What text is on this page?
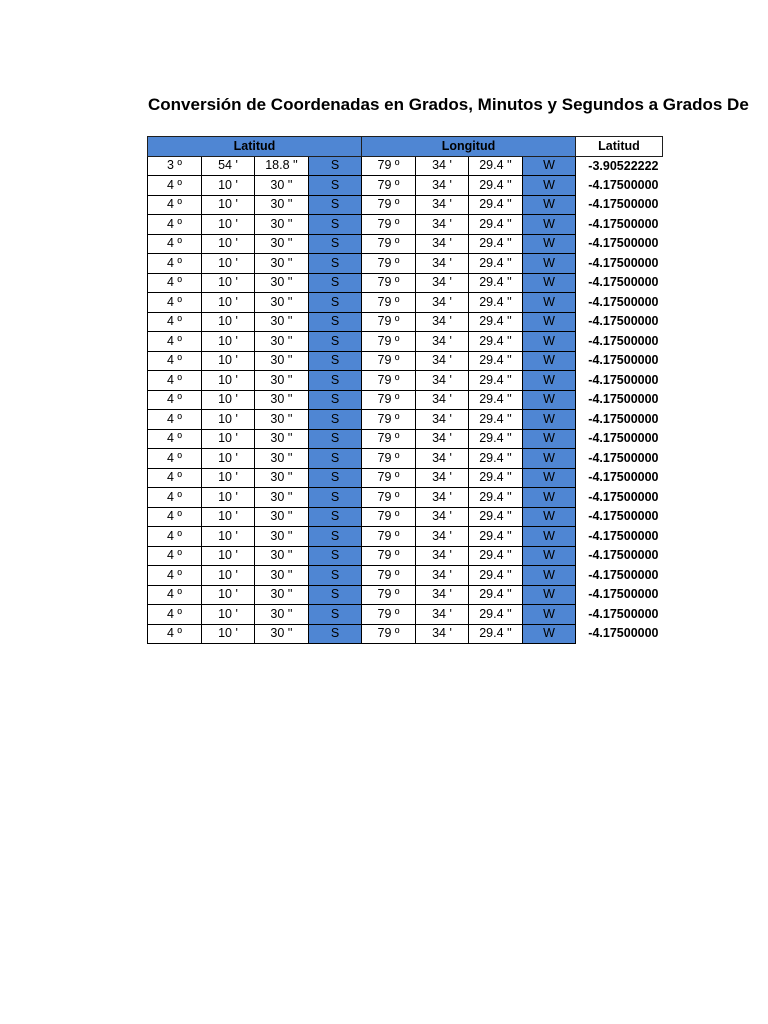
Conversión de Coordenadas en Grados, Minutos y Segundos a Grados De
Latitud				Longitud				Latitud
3 º	54 '	18.8 ''	S	79 º	34 '	29.4 ''	W	-3.90522222
4 º	10 '	30 ''	S	79 º	34 '	29.4 ''	W	-4.17500000
4 º	10 '	30 ''	S	79 º	34 '	29.4 ''	W	-4.17500000
4 º	10 '	30 ''	S	79 º	34 '	29.4 ''	W	-4.17500000
4 º	10 '	30 ''	S	79 º	34 '	29.4 ''	W	-4.17500000
4 º	10 '	30 ''	S	79 º	34 '	29.4 ''	W	-4.17500000
4 º	10 '	30 ''	S	79 º	34 '	29.4 ''	W	-4.17500000
4 º	10 '	30 ''	S	79 º	34 '	29.4 ''	W	-4.17500000
4 º	10 '	30 ''	S	79 º	34 '	29.4 ''	W	-4.17500000
4 º	10 '	30 ''	S	79 º	34 '	29.4 ''	W	-4.17500000
4 º	10 '	30 ''	S	79 º	34 '	29.4 ''	W	-4.17500000
4 º	10 '	30 ''	S	79 º	34 '	29.4 ''	W	-4.17500000
4 º	10 '	30 ''	S	79 º	34 '	29.4 ''	W	-4.17500000
4 º	10 '	30 ''	S	79 º	34 '	29.4 ''	W	-4.17500000
4 º	10 '	30 ''	S	79 º	34 '	29.4 ''	W	-4.17500000
4 º	10 '	30 ''	S	79 º	34 '	29.4 ''	W	-4.17500000
4 º	10 '	30 ''	S	79 º	34 '	29.4 ''	W	-4.17500000
4 º	10 '	30 ''	S	79 º	34 '	29.4 ''	W	-4.17500000
4 º	10 '	30 ''	S	79 º	34 '	29.4 ''	W	-4.17500000
4 º	10 '	30 ''	S	79 º	34 '	29.4 ''	W	-4.17500000
4 º	10 '	30 ''	S	79 º	34 '	29.4 ''	W	-4.17500000
4 º	10 '	30 ''	S	79 º	34 '	29.4 ''	W	-4.17500000
4 º	10 '	30 ''	S	79 º	34 '	29.4 ''	W	-4.17500000
4 º	10 '	30 ''	S	79 º	34 '	29.4 ''	W	-4.17500000
4 º	10 '	30 ''	S	79 º	34 '	29.4 ''	W	-4.17500000
